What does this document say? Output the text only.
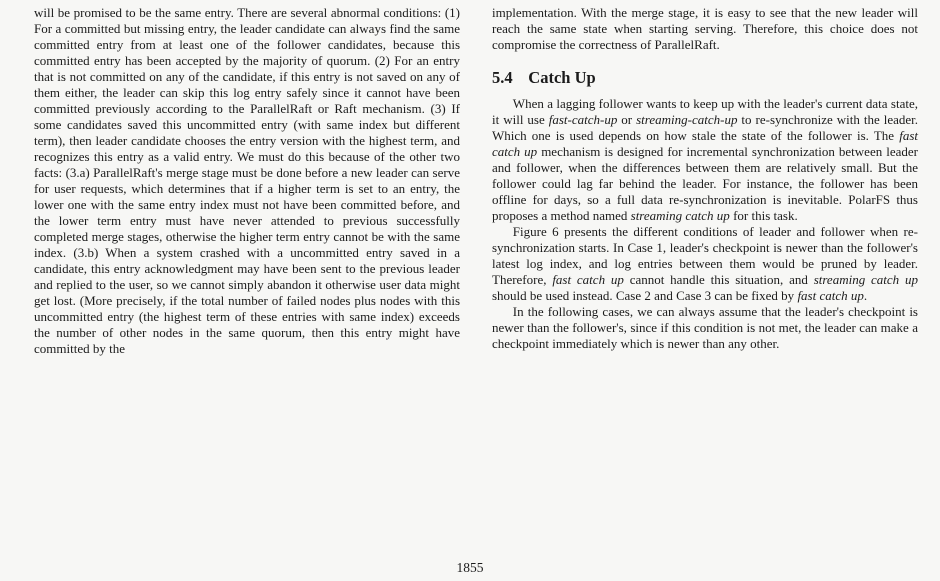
will be promised to be the same entry. There are several abnormal conditions: (1) For a committed but missing entry, the leader candidate can always find the same committed entry from at least one of the follower candidates, because this committed entry has been accepted by the majority of quorum. (2) For an entry that is not committed on any of the candidate, if this entry is not saved on any of them either, the leader can skip this log entry safely since it cannot have been committed previously according to the ParallelRaft or Raft mechanism. (3) If some candidates saved this uncommitted entry (with same index but different term), then leader candidate chooses the entry version with the highest term, and recognizes this entry as a valid entry. We must do this because of the other two facts: (3.a) ParallelRaft's merge stage must be done before a new leader can serve for user requests, which determines that if a higher term is set to an entry, the lower one with the same entry index must not have been committed before, and the lower term entry must have never attended to previous successfully completed merge stages, otherwise the higher term entry cannot be with the same index. (3.b) When a system crashed with a uncommitted entry saved in a candidate, this entry acknowledgment may have been sent to the previous leader and replied to the user, so we cannot simply abandon it otherwise user data might get lost. (More precisely, if the total number of failed nodes plus nodes with this uncommitted entry (the highest term of these entries with same index) exceeds the number of other nodes in the same quorum, then this entry might have committed by the

implementation. With the merge stage, it is easy to see that the new leader will reach the same state when starting serving. Therefore, this choice does not compromise the correctness of ParallelRaft.

5.4 Catch Up

When a lagging follower wants to keep up with the leader's current data state, it will use fast-catch-up or streaming-catch-up to re-synchronize with the leader. Which one is used depends on how stale the state of the follower is. The fast catch up mechanism is designed for incremental synchronization between leader and follower, when the differences between them are relatively small. But the follower could lag far behind the leader. For instance, the follower has been offline for days, so a full data re-synchronization is inevitable. PolarFS thus proposes a method named streaming catch up for this task.

Figure 6 presents the different conditions of leader and follower when re-synchronization starts. In Case 1, leader's checkpoint is newer than the follower's latest log index, and log entries between them would be pruned by leader. Therefore, fast catch up cannot handle this situation, and streaming catch up should be used instead. Case 2 and Case 3 can be fixed by fast catch up.

In the following cases, we can always assume that the leader's checkpoint is newer than the follower's, since if this condition is not met, the leader can make a checkpoint immediately which is newer than any other.

1855
